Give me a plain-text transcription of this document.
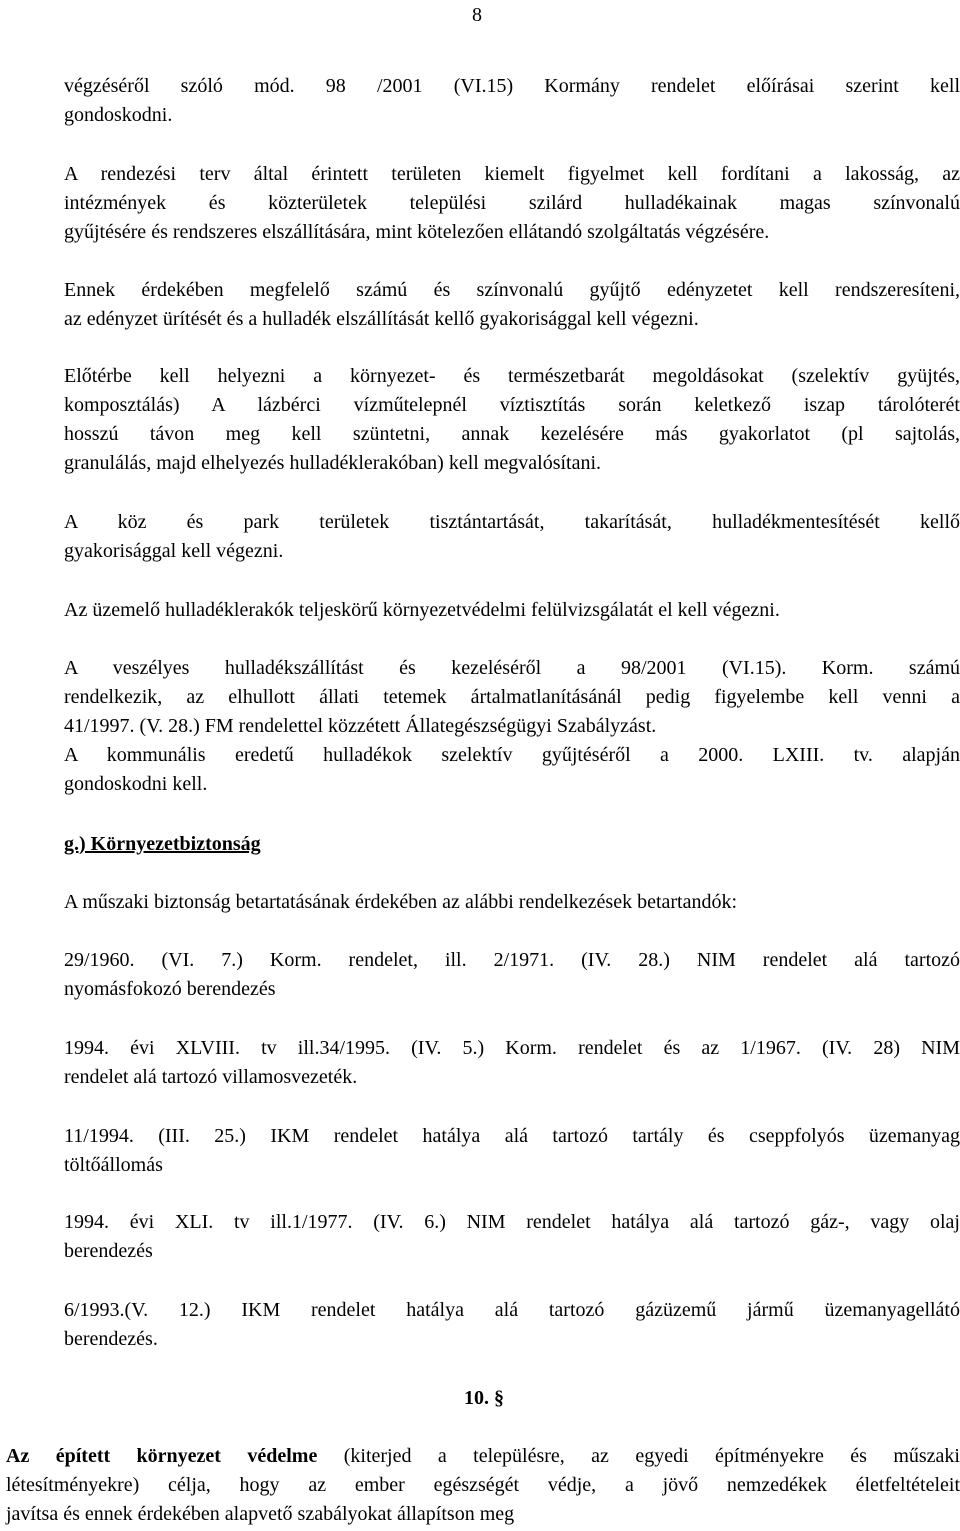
8
végzéséről szóló mód. 98 /2001 (VI.15) Kormány rendelet előírásai szerint kell
gondoskodni.
A rendezési terv által érintett területen kiemelt figyelmet kell fordítani a lakosság, az
intézmények és közterületek települési szilárd hulladékainak magas színvonalú
gyűjtésére és rendszeres elszállítására, mint kötelezően ellátandó szolgáltatás végzésére.
Ennek érdekében megfelelő számú és színvonalú gyűjtő edényzetet kell rendszeresíteni,
az edényzet ürítését és a hulladék elszállítását kellő gyakorisággal kell végezni.
Előtérbe kell helyezni a környezet- és természetbarát megoldásokat (szelektív gyüjtés,
komposztálás) A lázbérci vízműtelepnél víztisztítás során keletkező iszap tárolóterét
hosszú távon meg kell szüntetni, annak kezelésére más gyakorlatot (pl sajtolás,
granulálás, majd elhelyezés hulladéklerakóban) kell megvalósítani.
A köz és park területek tisztántartását, takarítását, hulladékmentesítését kellő
gyakorisággal kell végezni.
Az üzemelő hulladéklerakók teljeskörű környezetvédelmi felülvizsgálatát el kell végezni.
A veszélyes hulladékszállítást és kezeléséről a 98/2001 (VI.15). Korm. számú
rendelkezik, az elhullott állati tetemek ártalmatlanításánál pedig figyelembe kell venni a
41/1997. (V. 28.) FM rendelettel közzétett Állategészségügyi Szabályzást.
A kommunális eredetű hulladékok szelektív gyűjtéséről a 2000. LXIII. tv. alapján
gondoskodni kell.
g.) Környezetbiztonság
A műszaki biztonság betartatásának érdekében az alábbi rendelkezések betartandók:
29/1960. (VI. 7.) Korm. rendelet, ill. 2/1971. (IV. 28.) NIM rendelet alá tartozó
nyomásfokozó berendezés
1994. évi XLVIII. tv ill.34/1995. (IV. 5.) Korm. rendelet és az 1/1967. (IV. 28) NIM
rendelet alá tartozó villamosvezeték.
11/1994. (III. 25.) IKM rendelet hatálya alá tartozó tartály és cseppfolyós üzemanyag
töltőállomás
1994. évi XLI. tv ill.1/1977. (IV. 6.) NIM rendelet hatálya alá tartozó gáz-, vagy olaj
berendezés
6/1993.(V. 12.) IKM rendelet hatálya alá tartozó gázüzemű jármű üzemanyagellátó
berendezés.
10. §
Az épített környezet védelme (kiterjed a településre, az egyedi építményekre és műszaki
létesítményekre) célja, hogy az ember egészségét védje, a jövő nemzedékek életfeltételeit
javítsa és ennek érdekében alapvető szabályokat állapítson meg
